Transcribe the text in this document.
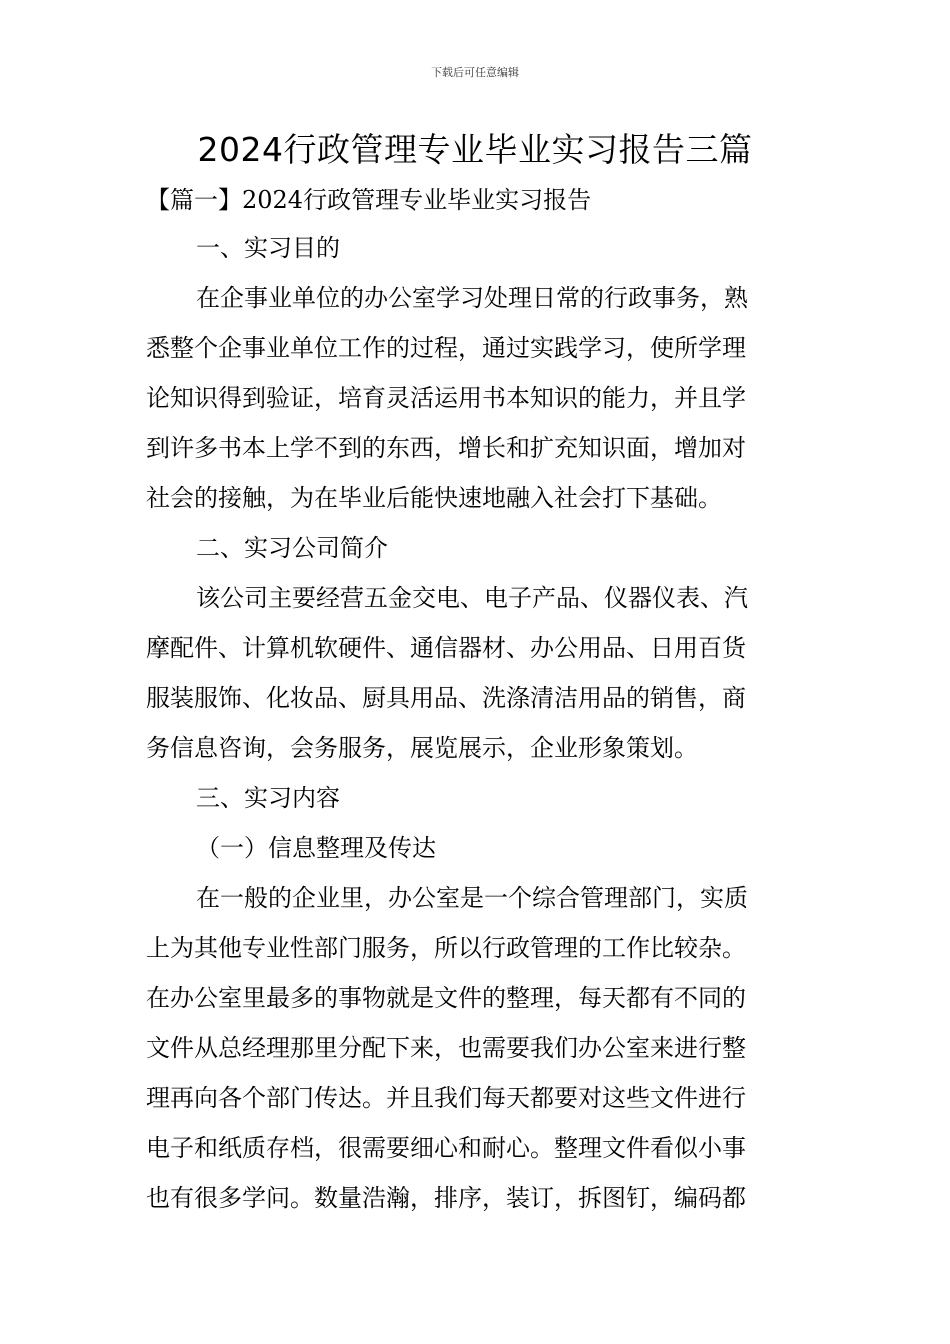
下载后可任意编辑
2024行政管理专业毕业实习报告三篇
【篇一】2024行政管理专业毕业实习报告
一、实习目的
在企事业单位的办公室学习处理日常的行政事务，熟
悉整个企事业单位工作的过程，通过实践学习，使所学理
论知识得到验证，培育灵活运用书本知识的能力，并且学
到许多书本上学不到的东西，增长和扩充知识面，增加对
社会的接触，为在毕业后能快速地融入社会打下基础。
二、实习公司简介
该公司主要经营五金交电、电子产品、仪器仪表、汽
摩配件、计算机软硬件、通信器材、办公用品、日用百货
服装服饰、化妆品、厨具用品、洗涤清洁用品的销售，商
务信息咨询，会务服务，展览展示，企业形象策划。
三、实习内容
（一）信息整理及传达
在一般的企业里，办公室是一个综合管理部门，实质
上为其他专业性部门服务，所以行政管理的工作比较杂。
在办公室里最多的事物就是文件的整理，每天都有不同的
文件从总经理那里分配下来，也需要我们办公室来进行整
理再向各个部门传达。并且我们每天都要对这些文件进行
电子和纸质存档，很需要细心和耐心。整理文件看似小事
也有很多学问。数量浩瀚，排序，装订，拆图钉，编码都
